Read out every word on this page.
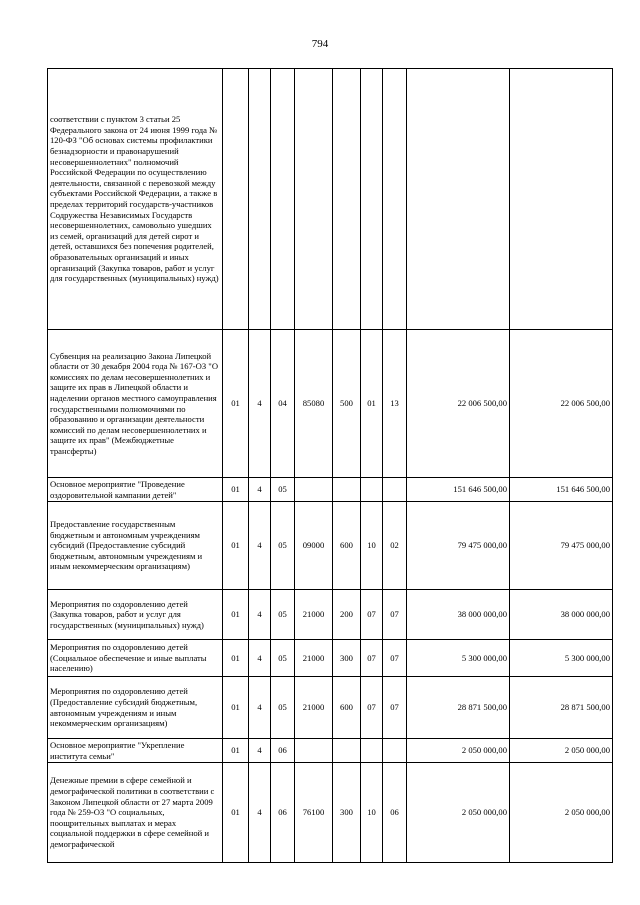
794
соответствии с пунктом 3 статьи 25 Федерального закона от 24 июня 1999 года № 120-ФЗ "Об основах системы профилактики безнадзорности и правонарушений несовершеннолетних" полномочий Российской Федерации по осуществлению деятельности, связанной с перевозкой между субъектами Российской Федерации, а также в пределах территорий государств-участников Содружества Независимых Государств несовершеннолетних, самовольно ушедших из семей, организаций для детей сирот и детей, оставшихся без попечения родителей, образовательных организаций и иных организаций (Закупка товаров, работ и услуг для государственных (муниципальных) нужд)									
Субвенция на реализацию Закона Липецкой области от 30 декабря 2004 года № 167-ОЗ "О комиссиях по делам несовершеннолетних и защите их прав в Липецкой области и наделении органов местного самоуправления государственными полномочиями по образованию и организации деятельности комиссий по делам несовершеннолетних и защите их прав" (Межбюджетные трансферты)	01	4	04	85080	500	01	13	22 006 500,00	22 006 500,00
Основное мероприятие "Проведение оздоровительной кампании детей"	01	4	05					151 646 500,00	151 646 500,00
Предоставление государственным бюджетным и автономным учреждениям субсидий (Предоставление субсидий бюджетным, автономным учреждениям и иным некоммерческим организациям)	01	4	05	09000	600	10	02	79 475 000,00	79 475 000,00
Мероприятия по оздоровлению детей (Закупка товаров, работ и услуг для государственных (муниципальных) нужд)	01	4	05	21000	200	07	07	38 000 000,00	38 000 000,00
Мероприятия по оздоровлению детей (Социальное обеспечение и иные выплаты населению)	01	4	05	21000	300	07	07	5 300 000,00	5 300 000,00
Мероприятия по оздоровлению детей (Предоставление субсидий бюджетным, автономным учреждениям и иным некоммерческим организациям)	01	4	05	21000	600	07	07	28 871 500,00	28 871 500,00
Основное мероприятие "Укрепление института семьи"	01	4	06					2 050 000,00	2 050 000,00
Денежные премии в сфере семейной и демографической политики в соответствии с Законом Липецкой области от 27 марта 2009 года № 259-ОЗ "О социальных, поощрительных выплатах и мерах социальной поддержки в сфере семейной и демографической	01	4	06	76100	300	10	06	2 050 000,00	2 050 000,00
